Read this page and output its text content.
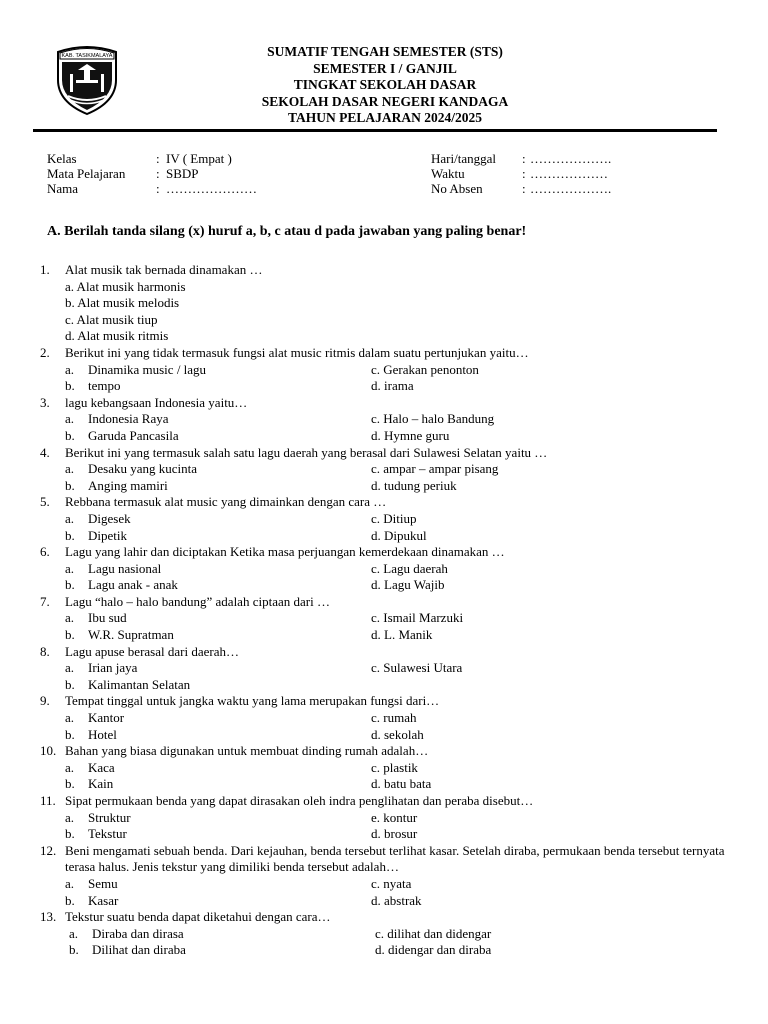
KAB. TASIKMALAYA	SUMATIF TENGAH SEMESTER (STS)
SEMESTER I / GANJIL
TINGKAT SEKOLAH DASAR
SEKOLAH DASAR NEGERI KANDAGA
TAHUN PELAJARAN 2024/2025
Kelas	: IV ( Empat )
Mata Pelajaran	: SBDP
Nama	: …………………
Hari/tanggal	: ……………….
Waktu	: ………………
No Absen	: ……………….
A. Berilah tanda silang (x) huruf a, b, c atau d pada jawaban yang paling benar!
1.	Alat musik tak bernada dinamakan …
a. Alat musik harmonis
b. Alat musik melodis
c. Alat musik tiup
d. Alat musik ritmis
2.	Berikut ini yang tidak termasuk fungsi alat music ritmis dalam suatu pertunjukan yaitu…
a.	Dinamika music / lagu	c. Gerakan penonton
b.	tempo	d. irama
3.	lagu kebangsaan Indonesia yaitu…
a.	Indonesia Raya	c. Halo – halo Bandung
b.	Garuda Pancasila	d. Hymne guru
4.	Berikut ini yang termasuk salah satu lagu daerah yang berasal dari Sulawesi Selatan yaitu …
a.	Desaku yang kucinta	c. ampar – ampar pisang
b.	Anging mamiri	d. tudung periuk
5.	Rebbana termasuk alat music yang dimainkan dengan cara …
a.	Digesek	c. Ditiup
b.	Dipetik	d. Dipukul
6.	Lagu yang lahir dan diciptakan Ketika masa perjuangan kemerdekaan dinamakan …
a.	Lagu nasional	c. Lagu daerah
b.	Lagu anak - anak	d. Lagu Wajib
7.	Lagu “halo – halo bandung” adalah ciptaan dari …
a.	Ibu sud	c. Ismail Marzuki
b.	W.R. Supratman	d. L. Manik
8.	Lagu apuse berasal dari daerah…
a.	Irian jaya	c. Sulawesi Utara
b.	Kalimantan Selatan
9.	Tempat tinggal untuk jangka waktu yang lama merupakan fungsi dari…
a.	Kantor	c. rumah
b.	Hotel	d. sekolah
10. Bahan yang biasa digunakan untuk membuat dinding rumah adalah…
a.	Kaca	c. plastik
b.	Kain	d. batu bata
11. Sipat permukaan benda yang dapat dirasakan oleh indra penglihatan dan peraba disebut…
a.	Struktur	e. kontur
b.	Tekstur	d. brosur
12. Beni mengamati sebuah benda. Dari kejauhan, benda tersebut terlihat kasar. Setelah diraba, permukaan benda tersebut ternyata terasa halus. Jenis tekstur yang dimiliki benda tersebut adalah…
a.	Semu	c. nyata
b.	Kasar	d. abstrak
13. Tekstur suatu benda dapat diketahui dengan cara…
a.	Diraba dan dirasa	c. dilihat dan didengar
b.	Dilihat dan diraba	d. didengar dan diraba
